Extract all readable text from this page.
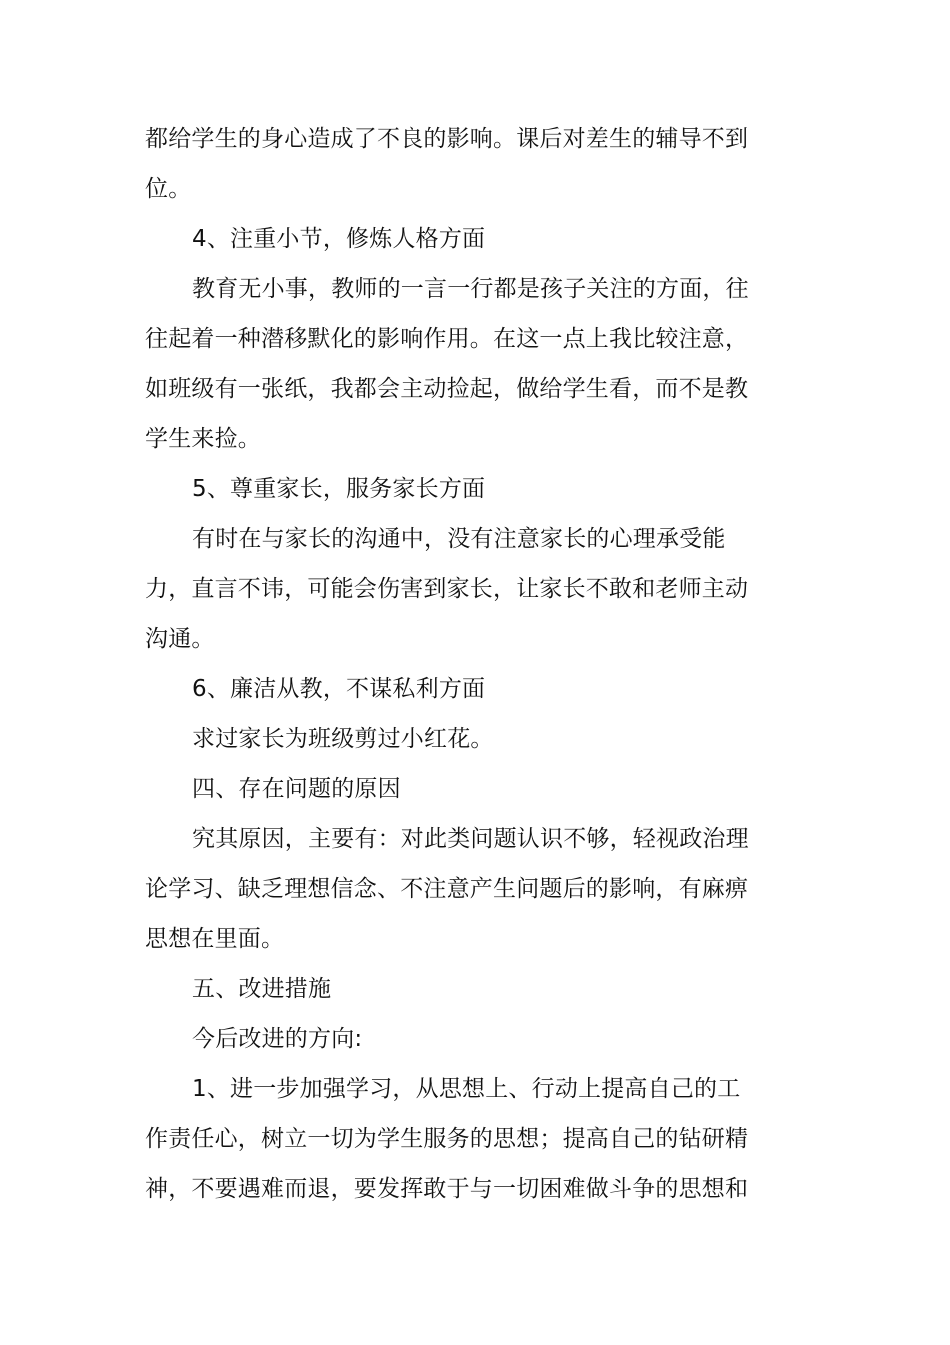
都给学生的身心造成了不良的影响。课后对差生的辅导不到
位。
4、注重小节，修炼人格方面
教育无小事，教师的一言一行都是孩子关注的方面，往
往起着一种潜移默化的影响作用。在这一点上我比较注意，
如班级有一张纸，我都会主动捡起，做给学生看，而不是教
学生来捡。
5、尊重家长，服务家长方面
有时在与家长的沟通中，没有注意家长的心理承受能
力，直言不讳，可能会伤害到家长，让家长不敢和老师主动
沟通。
6、廉洁从教，不谋私利方面
求过家长为班级剪过小红花。
四、存在问题的原因
究其原因，主要有：对此类问题认识不够，轻视政治理
论学习、缺乏理想信念、不注意产生问题后的影响，有麻痹
思想在里面。
五、改进措施
今后改进的方向:
1、进一步加强学习，从思想上、行动上提高自己的工
作责任心，树立一切为学生服务的思想；提高自己的钻研精
神，不要遇难而退，要发挥敢于与一切困难做斗争的思想和
